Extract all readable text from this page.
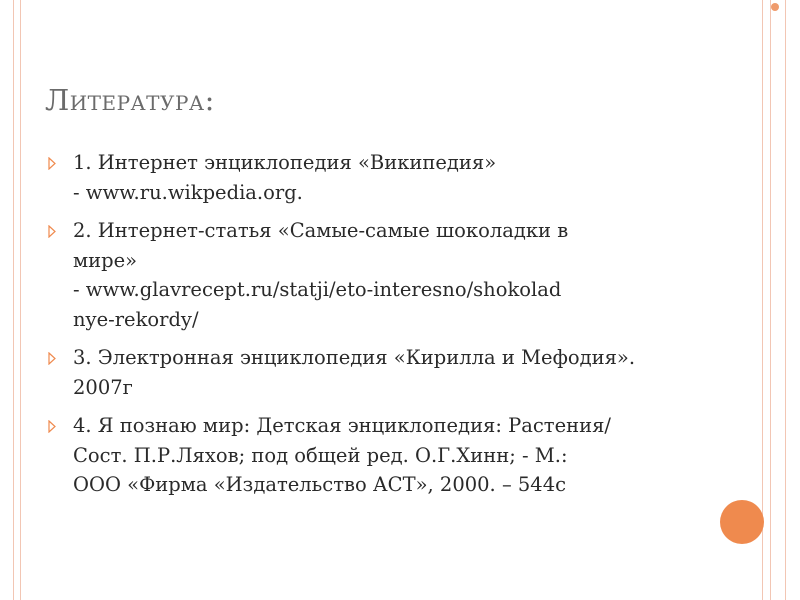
Литература:
1. Интернет энциклопедия «Википедия»
- www.ru.wikpedia.org.
2. Интернет-статья «Самые-самые шоколадки в
мире»
- www.glavrecept.ru/statji/eto-interesno/shokolad
nye-rekordy/
3. Электронная энциклопедия «Кирилла и Мефодия».
2007г
4. Я познаю мир: Детская энциклопедия: Растения/
Сост. П.Р.Ляхов; под общей ред. О.Г.Хинн; - М.:
ООО «Фирма «Издательство АСТ», 2000. – 544с
